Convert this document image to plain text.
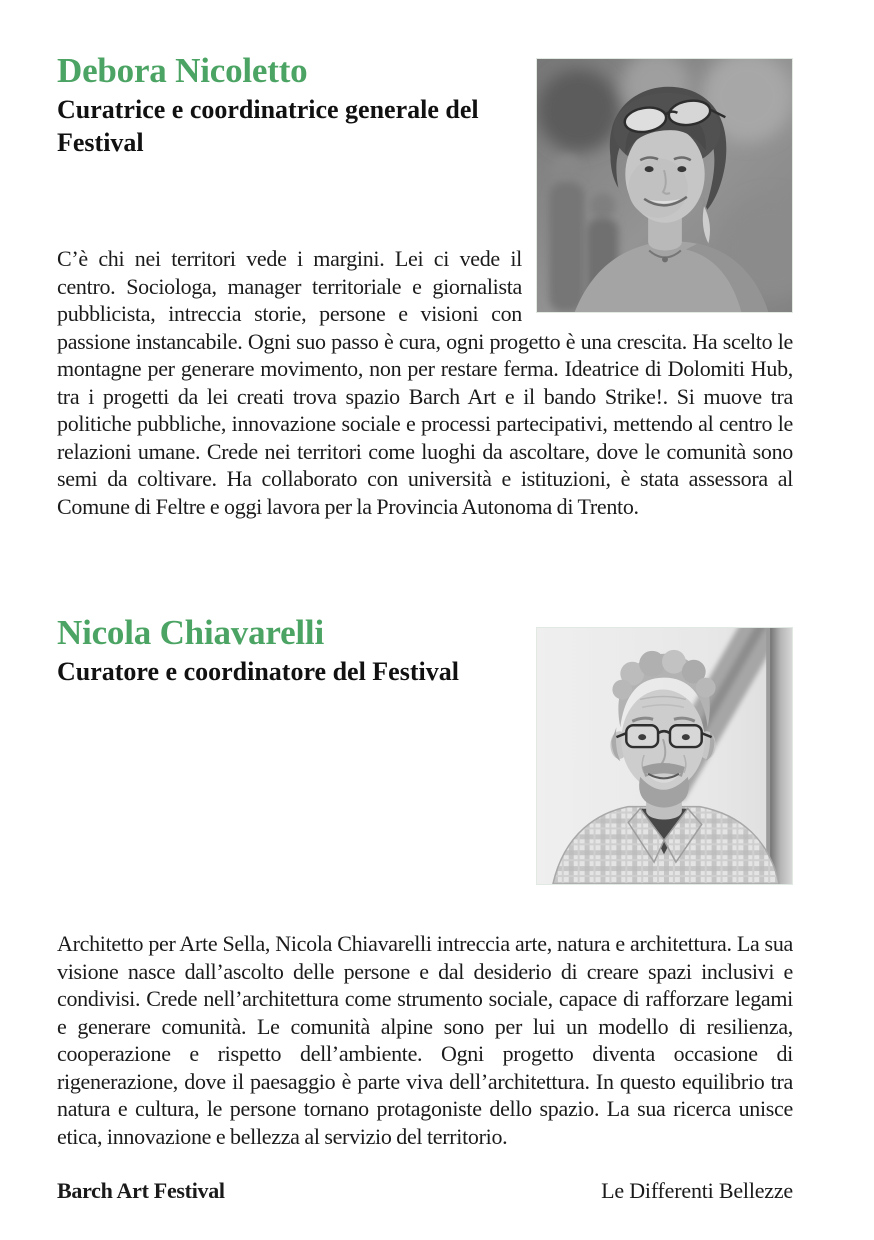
Debora Nicoletto
Curatrice e coordinatrice generale del Festival

C’è chi nei territori vede i margini. Lei ci vede il centro. Sociologa, manager territoriale e giornalista pubblicista, intreccia storie, persone e visioni con passione instancabile. Ogni suo passo è cura, ogni progetto è una crescita. Ha scelto le montagne per generare movimento, non per restare ferma. Ideatrice di Dolomiti Hub, tra i progetti da lei creati trova spazio Barch Art e il bando Strike!. Si muove tra politiche pubbliche, innovazione sociale e processi partecipativi, mettendo al centro le relazioni umane. Crede nei territori come luoghi da ascoltare, dove le comunità sono semi da coltivare. Ha collaborato con università e istituzioni, è stata assessora al Comune di Feltre e oggi lavora per la Provincia Autonoma di Trento.

Nicola Chiavarelli
Curatore e coordinatore del Festival

Architetto per Arte Sella, Nicola Chiavarelli intreccia arte, natura e architettura. La sua visione nasce dall’ascolto delle persone e dal desiderio di creare spazi inclusivi e condivisi. Crede nell’architettura come strumento sociale, capace di rafforzare legami e generare comunità. Le comunità alpine sono per lui un modello di resilienza, cooperazione e rispetto dell’ambiente. Ogni progetto diventa occasione di rigenerazione, dove il paesaggio è parte viva dell’architettura. In questo equilibrio tra natura e cultura, le persone tornano protagoniste dello spazio. La sua ricerca unisce etica, innovazione e bellezza al servizio del territorio.

Barch Art Festival	Le Differenti Bellezze
